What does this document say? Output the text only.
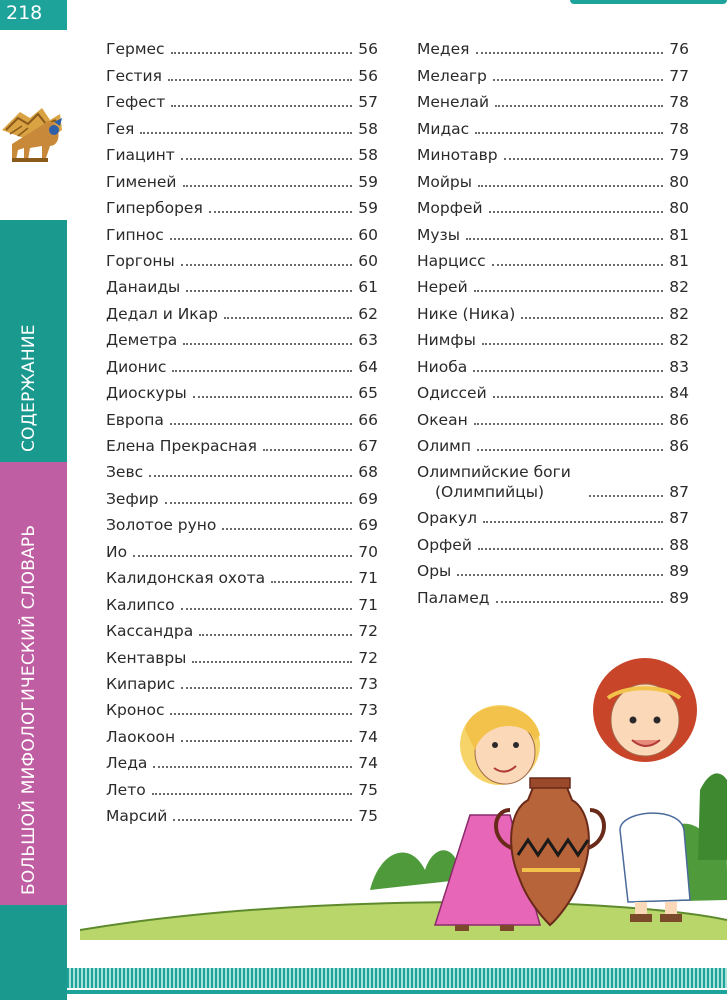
218
СОДЕРЖАНИЕ
БОЛЬШОЙ МИФОЛОГИЧЕСКИЙ СЛОВАРЬ
Гермес	56
Гестия	56
Гефест	57
Гея	58
Гиацинт	58
Гименей	59
Гиперборея	59
Гипнос	60
Горгоны	60
Данаиды	61
Дедал и Икар	62
Деметра	63
Дионис	64
Диоскуры	65
Европа	66
Елена Прекрасная	67
Зевс	68
Зефир	69
Золотое руно	69
Ио	70
Калидонская охота	71
Калипсо	71
Кассандра	72
Кентавры	72
Кипарис	73
Кронос	73
Лаокоон	74
Леда	74
Лето	75
Марсий	75
Медея	76
Мелеагр	77
Менелай	78
Мидас	78
Минотавр	79
Мойры	80
Морфей	80
Музы	81
Нарцисс	81
Нерей	82
Нике (Ника)	82
Нимфы	82
Ниоба	83
Одиссей	84
Океан	86
Олимп	86
Олимпийские боги
(Олимпийцы)	87
Оракул	87
Орфей	88
Оры	89
Паламед	89
